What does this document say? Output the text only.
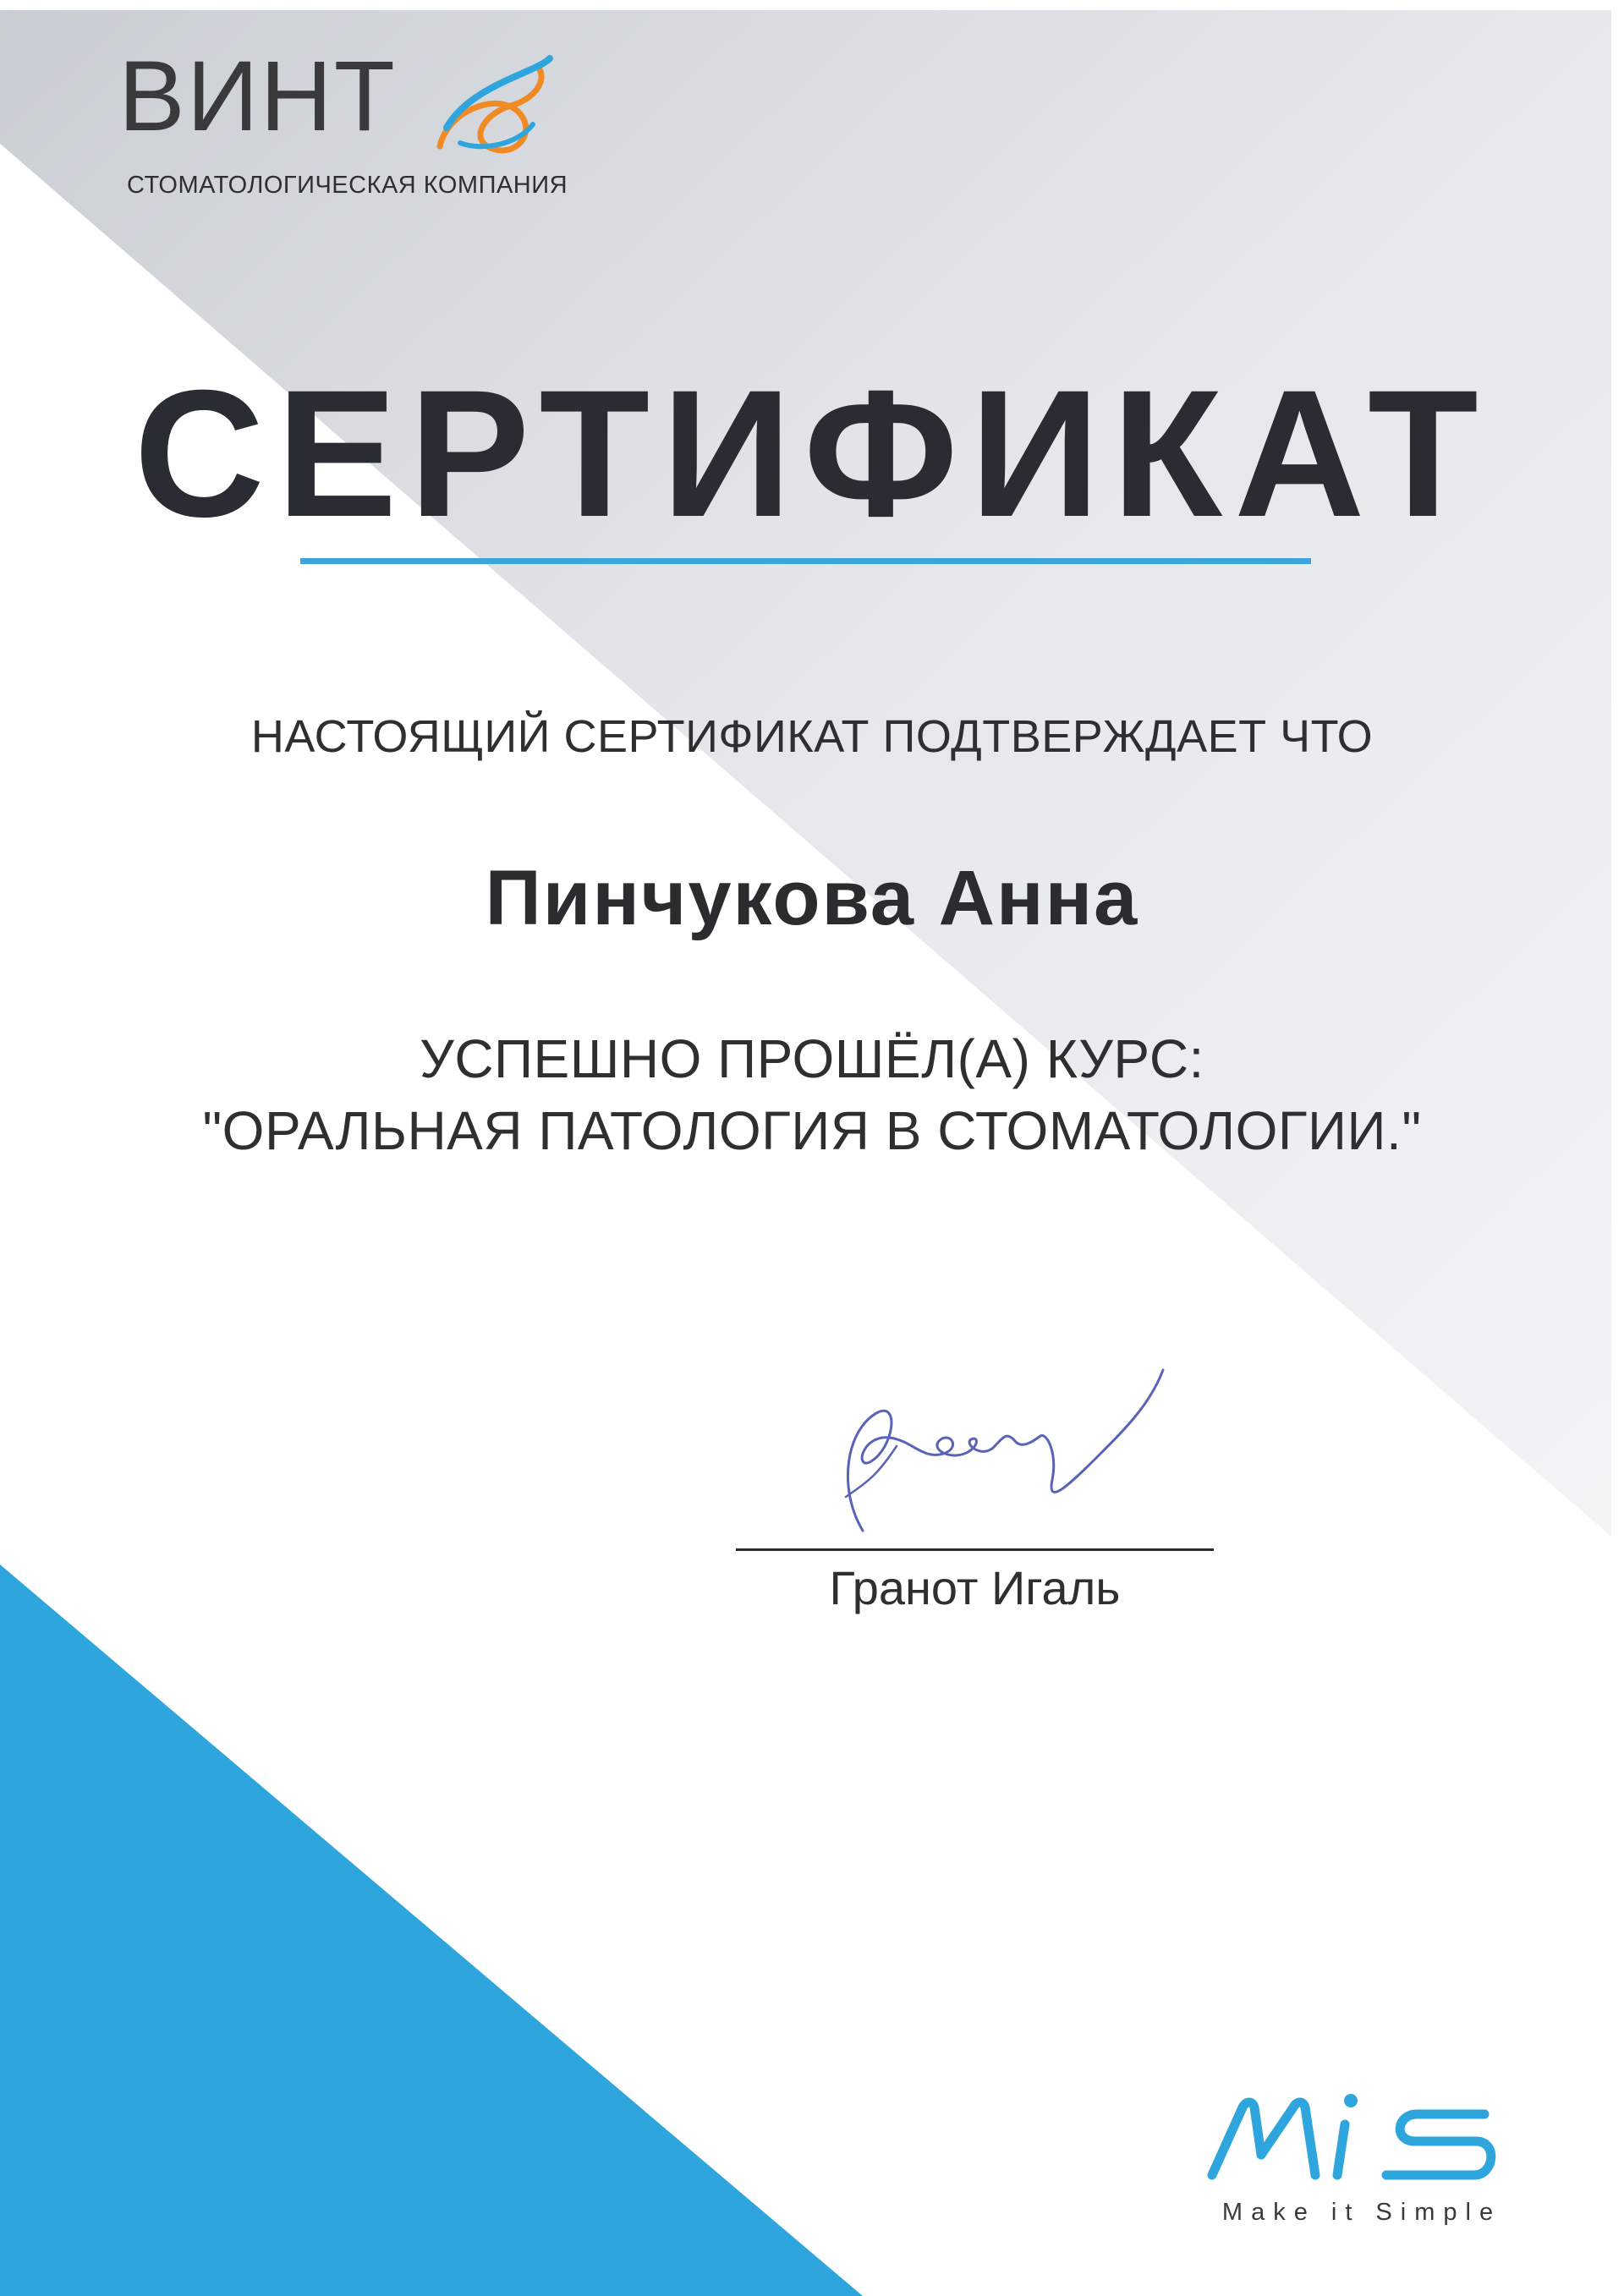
ВИНТ
СТОМАТОЛОГИЧЕСКАЯ КОМПАНИЯ
СЕРТИФИКАТ
НАСТОЯЩИЙ СЕРТИФИКАТ ПОДТВЕРЖДАЕТ ЧТО
Пинчукова Анна
УСПЕШНО ПРОШЁЛ(А) КУРС:
"ОРАЛЬНАЯ ПАТОЛОГИЯ В СТОМАТОЛОГИИ."
Гранот Игаль
Make it Simple
